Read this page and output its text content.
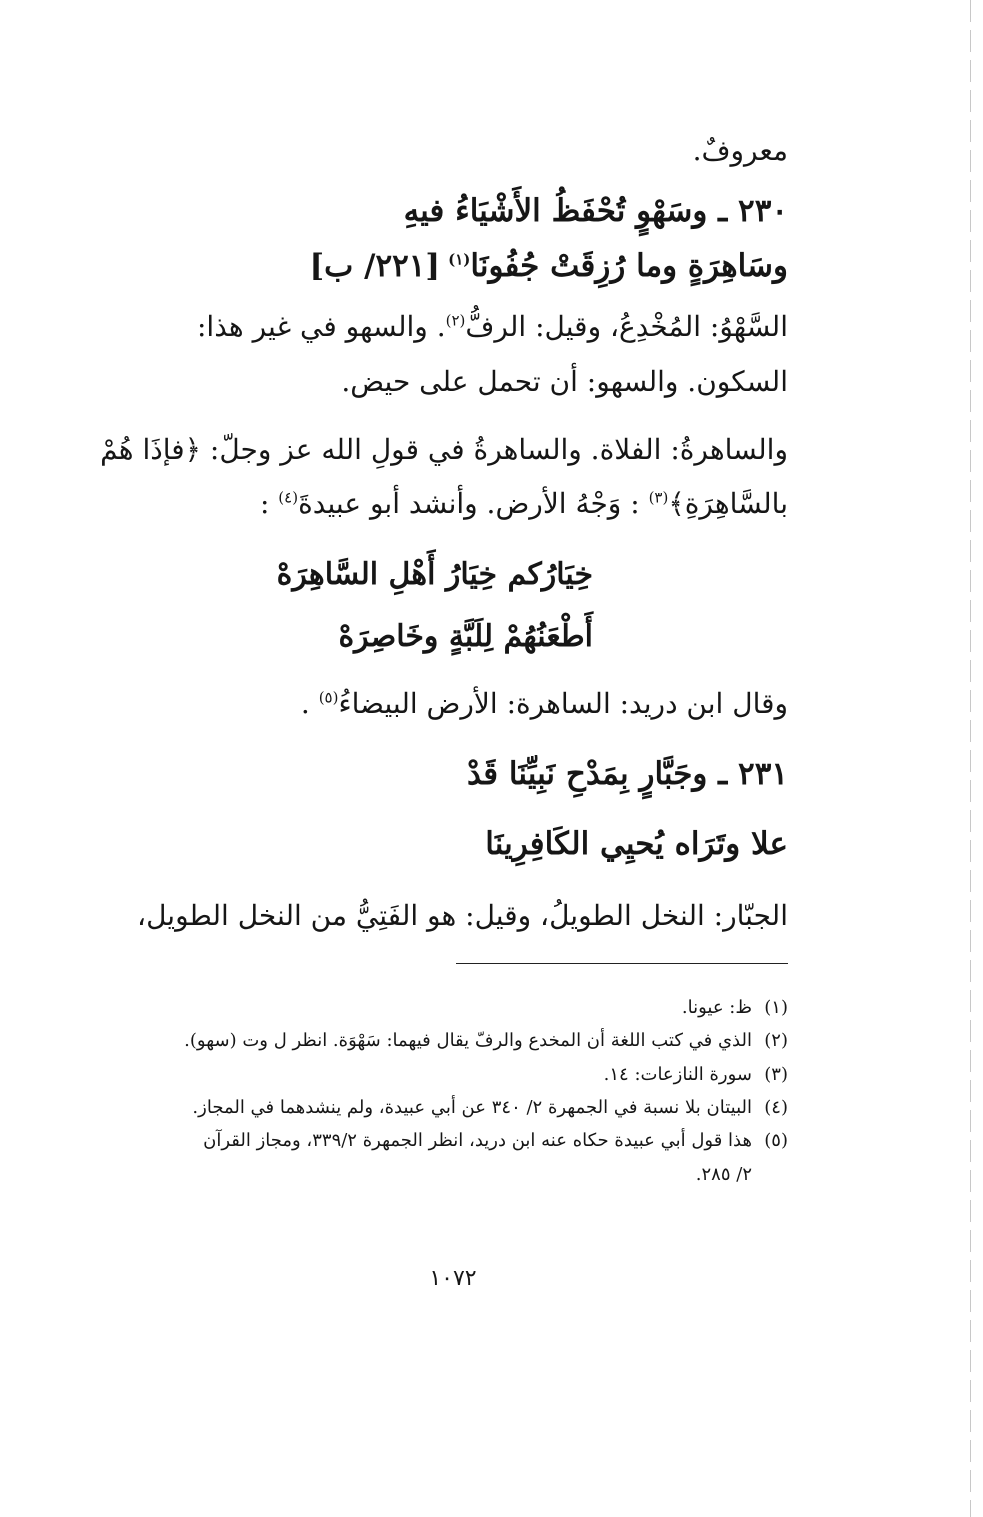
معروفٌ.
٢٣٠ ـ وسَهْوٍ تُحْفَظُ الأَشْيَاءُ فيهِ
وسَاهِرَةٍ وما رُزِقَتْ جُفُونَا$^{(١)}$[٢٢١/ ب]
السَّهْوُ: المُخْدِعُ، وقيل: الرفُّ$^{(٢)}$. والسهو في غير هذا:
السكون. والسهو: أن تحمل على حيض.
والساهرةُ: الفلاة. والساهرةُ في قولِ الله عز وجلّ: ﴿فإذَا هُمْ
بالسَّاهِرَةِ﴾$^{(٣)}$ : وَجْهُ الأرض. وأنشد أبو عبيدةَ$^{(٤)}$ :
خِيَارُكم خِيَارُ أَهْلِ السَّاهِرَهْ
أَطْعَنُهُمْ لِلَبَّةٍ وخَاصِرَهْ
وقال ابن دريد: الساهرة: الأرض البيضاءُ$^{(٥)}$ .
٢٣١ ـ وجَبَّارٍ بِمَدْحِ نَبِيِّنَا قَدْ
علا وتَرَاه يُحيِي الكَافِرِينَا
الجبّار: النخل الطويلُ، وقيل: هو الفَتِيُّ من النخل الطويل،
(١)ظ: عيونا.
(٢)الذي في كتب اللغة أن المخدع والرفّ يقال فيهما: سَهْوَة. انظر ل وت (سهو).
(٣)سورة النازعات: ١٤.
(٤)البيتان بلا نسبة في الجمهرة ٢/ ٣٤٠ عن أبي عبيدة، ولم ينشدهما في المجاز.
(٥)هذا قول أبي عبيدة حكاه عنه ابن دريد، انظر الجمهرة ٣٣٩/٢، ومجاز القرآن
٢/ ٢٨٥.
١٠٧٢
